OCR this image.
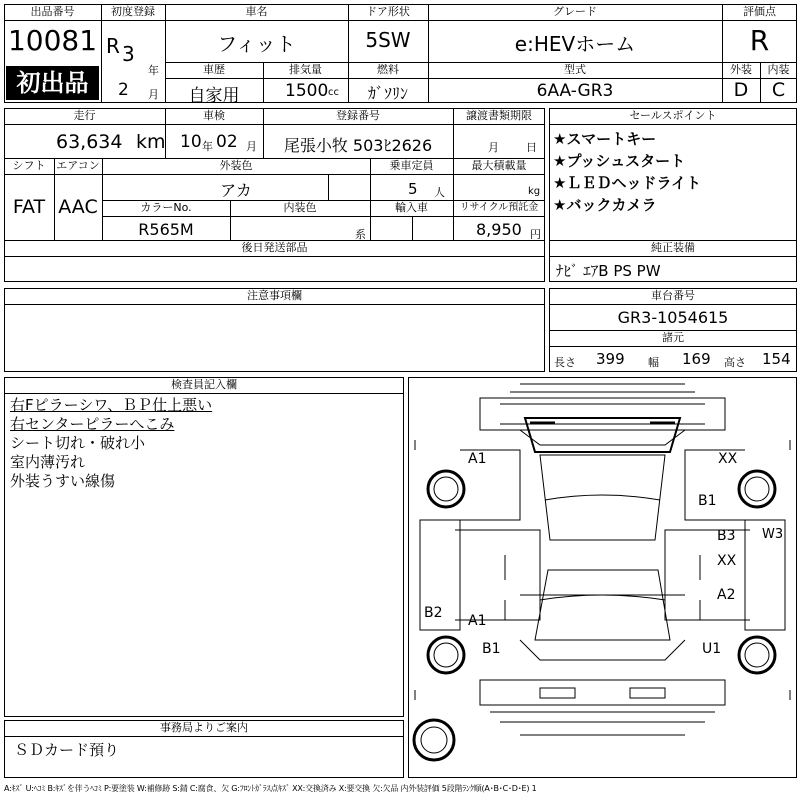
出品番号
10081
初出品
初度登録
R 3
年
2 月
車名
フィット
ドア形状
5SW
グレード
e:HEVホーム
評価点
R
車歴
自家用
排気量
1500 cc
燃料
ｶﾞｿﾘﾝ
型式
6AA-GR3
外装	内装
D	C
走行
63,634 km
車検
10 年 02 月
登録番号
尾張小牧 503ﾋ2626
譲渡書類期限
月 日
シフト
FAT
エアコン
AAC
外装色
アカ
乗車定員
5 人
最大積載量
kg
カラーNo.
R565M
内装色
系
輸入車	リサイクル預託金
8,950 円
後日発送部品
セールスポイント
★スマートキー
★プッシュスタート
★ＬＥＤヘッドライト
★バックカメラ
純正装備
ﾅﾋﾞ ｴｱB PS PW
注意事項欄	車台番号
GR3-1054615
諸元
長さ 399 幅 169 高さ 154
検査員記入欄
右Fピラーシワ、ＢＰ仕上悪い
右センターピラーへこみ
シート切れ・破れ小
室内薄汚れ
外装うすい線傷
事務局よりご案内
ＳＤカード預り
A1	XX
B1
W3
B3
XX
A2
B2 A1
B1	U1
A:ｷｽﾞ U:ﾍｺﾐ B:ｷｽﾞを伴うﾍｺﾐ P:要塗装 W:補修跡 S:錆 C:腐食、欠 G:ﾌﾛﾝﾄｶﾞﾗｽ点ｷｽﾞ XX:交換済み X:要交換 欠:欠品 内外装評価 5段階ﾗﾝｸ順(A･B･C･D･E) 1
